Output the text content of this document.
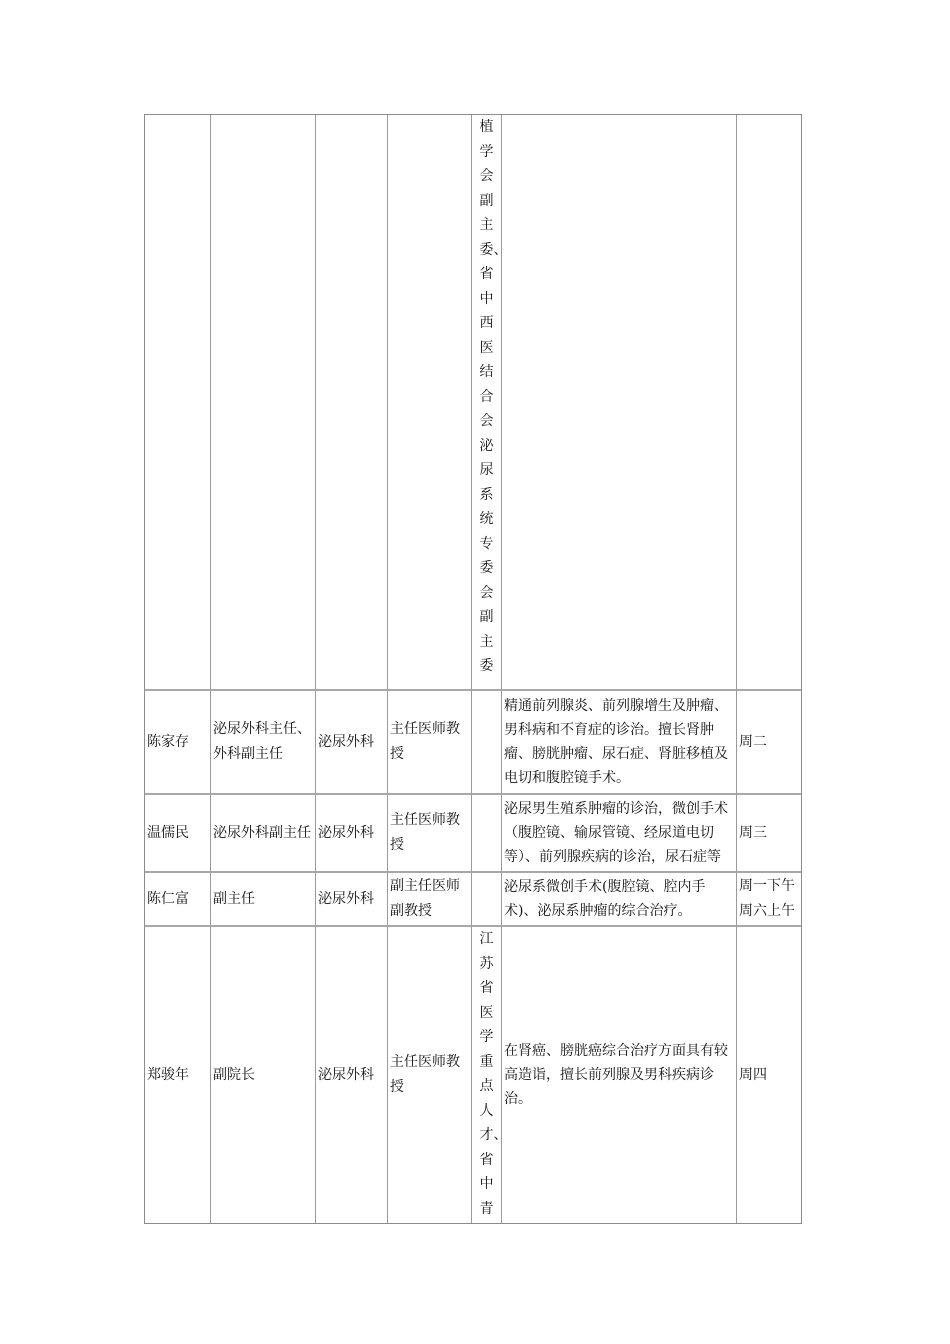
				植学会副主委、省中西医结合会泌尿系统专委会副主委		
陈家存	泌尿外科主任、外科副主任	泌尿外科	主任医师教授		精通前列腺炎、前列腺增生及肿瘤、男科病和不育症的诊治。擅长肾肿瘤、膀胱肿瘤、尿石症、肾脏移植及电切和腹腔镜手术。	周二
温儒民	泌尿外科副主任	泌尿外科	主任医师教授		泌尿男生殖系肿瘤的诊治，微创手术（腹腔镜、输尿管镜、经尿道电切等）、前列腺疾病的诊治，尿石症等	周三
陈仁富	副主任	泌尿外科	副主任医师副教授		泌尿系微创手术(腹腔镜、腔内手术)、泌尿系肿瘤的综合治疗。	周一下午周六上午
郑骏年	副院长	泌尿外科	主任医师教授	江苏省医学重点人才、省中青	在肾癌、膀胱癌综合治疗方面具有较高造诣，擅长前列腺及男科疾病诊治。	周四
